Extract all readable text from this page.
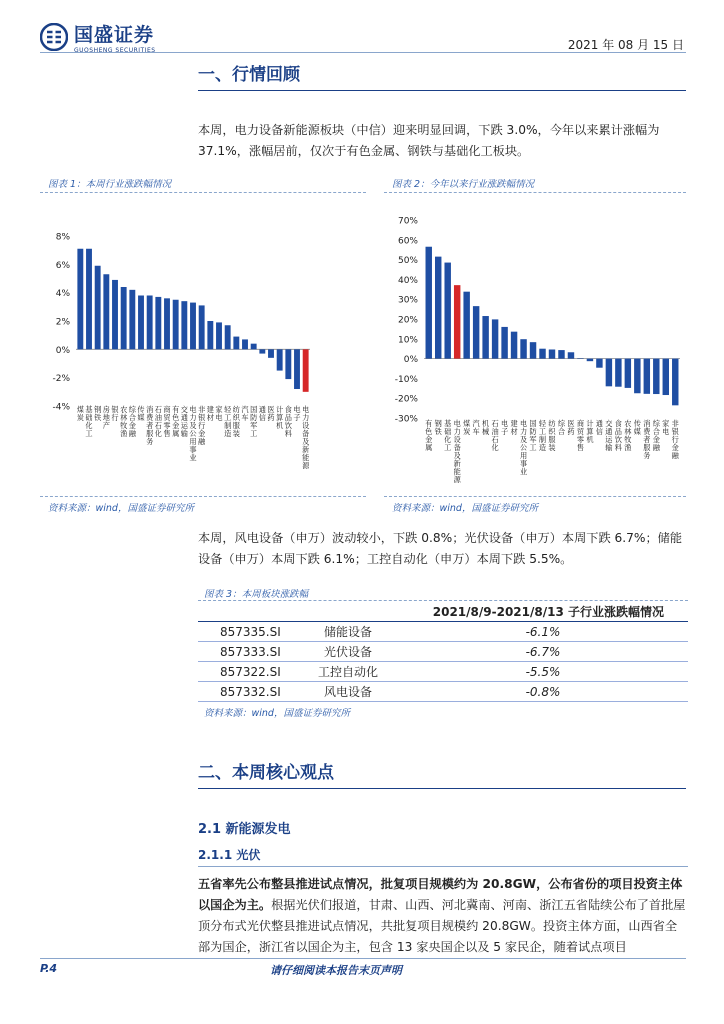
国盛证券
GUOSHENG SECURITIES	2021 年 08 月 15 日
一、行情回顾
本周，电力设备新能源板块（中信）迎来明显回调，下跌 3.0%，今年以来累计涨幅为 37.1%，涨幅居前，仅次于有色金属、钢铁与基础化工板块。
图表 1：本周行业涨跌幅情况	图表 2：今年以来行业涨跌幅情况
8%
6%
4%
2%
0%
-2%
-4% 煤炭
基础化工
钢铁
房地产
银行
农林牧渔
综合金融
传媒
消费者服务
石油石化
商贸零售
有色金属
交通运输
电力及公用事业
非银行金融
建材
家电
轻工制造
纺织服装
汽车
国防军工
通信
医药
计算机
食品饮料
电子
电力设备及新能源
70%
60%
50%
40%
30%
20%
10%
0%
-10%
-20%
-30% 有色金属
钢铁
基础化工
电力设备及新能源
煤炭
汽车
机械
石油石化
电子
建材
电力及公用事业
国防军工
轻工制造
纺织服装
综合
医药
商贸零售
计算机
通信
交通运输
食品饮料
农林牧渔
传媒
消费者服务
综合金融
家电
非银行金融
资料来源：wind，国盛证券研究所	资料来源：wind，国盛证券研究所
本周，风电设备（申万）波动较小，下跌 0.8%；光伏设备（申万）本周下跌 6.7%；储能设备（申万）本周下跌 6.1%；工控自动化（申万）本周下跌 5.5%。
图表 3：本周板块涨跌幅
		2021/8/9-2021/8/13 子行业涨跌幅情况
857335.SI	储能设备	-6.1%
857333.SI	光伏设备	-6.7%
857322.SI	工控自动化	-5.5%
857332.SI	风电设备	-0.8%
资料来源：wind，国盛证券研究所
二、本周核心观点
2.1 新能源发电
2.1.1 光伏
五省率先公布整县推进试点情况，批复项目规模约为 20.8GW，公布省份的项目投资主体以国企为主。根据光伏们报道，甘肃、山西、河北冀南、河南、浙江五省陆续公布了首批屋顶分布式光伏整县推进试点情况，共批复项目规模约 20.8GW。投资主体方面，山西省全部为国企，浙江省以国企为主，包含 13 家央国企以及 5 家民企，随着试点项目
P.4	请仔细阅读本报告末页声明
